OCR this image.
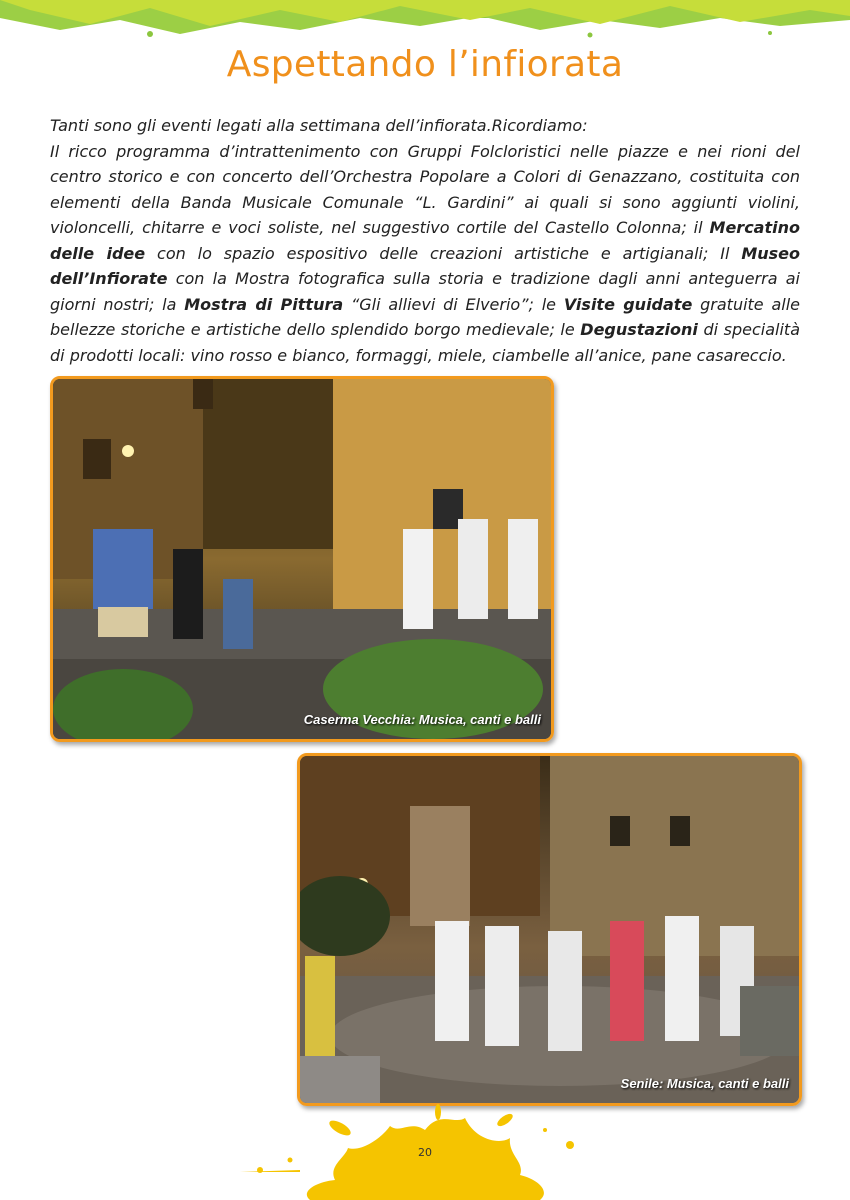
Aspettando l’infiorata

Tanti sono gli eventi legati alla settimana dell’infiorata.Ricordiamo:
Il ricco programma d’intrattenimento con Gruppi Folcloristici nelle piazze e nei rioni del centro storico e con concerto dell’Orchestra Popolare a Colori di Genazzano, costituita con elementi della Banda Musicale Comunale “L. Gardini” ai quali si sono aggiunti violini, violoncelli, chitarre e voci soliste, nel suggestivo cortile del Castello Colonna; il Mercatino delle idee con lo spazio espositivo delle creazioni artistiche e artigianali; Il Museo dell’Infiorate con la Mostra fotografica sulla storia e tradizione dagli anni anteguerra ai giorni nostri; la Mostra di Pittura “Gli allievi di Elverio”; le Visite guidate gratuite alle bellezze storiche e artistiche dello splendido borgo medievale; le Degustazioni di specialità di prodotti locali: vino rosso e bianco, formaggi, miele, ciambelle all’anice, pane casareccio.

Caserma Vecchia: Musica, canti e balli
Senile: Musica, canti e balli
20
